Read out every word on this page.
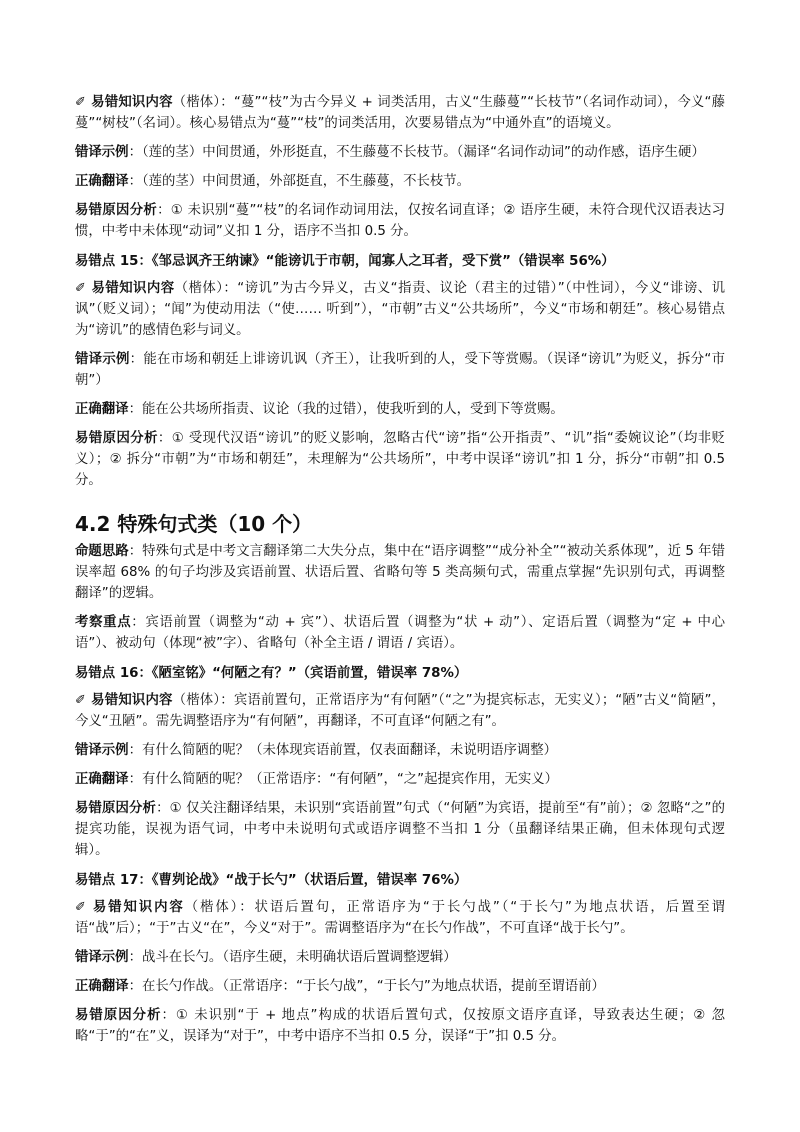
✐ 易错知识内容（楷体）：“蔓”“枝”为古今异义 + 词类活用，古义“生藤蔓”“长枝节”（名词作动词），今义“藤蔓”“树枝”（名词）。核心易错点为“蔓”“枝”的词类活用，次要易错点为“中通外直”的语境义。

错译示例：（莲的茎）中间贯通，外形挺直，不生藤蔓不长枝节。（漏译“名词作动词”的动作感，语序生硬）

正确翻译：（莲的茎）中间贯通，外部挺直，不生藤蔓，不长枝节。

易错原因分析：① 未识别“蔓”“枝”的名词作动词用法，仅按名词直译；② 语序生硬，未符合现代汉语表达习惯，中考中未体现“动词”义扣 1 分，语序不当扣 0.5 分。

易错点 15：《邹忌讽齐王纳谏》“能谤讥于市朝，闻寡人之耳者，受下赏”（错误率 56%）

✐ 易错知识内容（楷体）：“谤讥”为古今异义，古义“指责、议论（君主的过错）”（中性词），今义“诽谤、讥讽”（贬义词）；“闻”为使动用法（“使…… 听到”），“市朝”古义“公共场所”，今义“市场和朝廷”。核心易错点为“谤讥”的感情色彩与词义。

错译示例：能在市场和朝廷上诽谤讥讽（齐王），让我听到的人，受下等赏赐。（误译“谤讥”为贬义，拆分“市朝”）

正确翻译：能在公共场所指责、议论（我的过错），使我听到的人，受到下等赏赐。

易错原因分析：① 受现代汉语“谤讥”的贬义影响，忽略古代“谤”指“公开指责”、“讥”指“委婉议论”（均非贬义）；② 拆分“市朝”为“市场和朝廷”，未理解为“公共场所”，中考中误译“谤讥”扣 1 分，拆分“市朝”扣 0.5 分。

4.2 特殊句式类（10 个）

命题思路：特殊句式是中考文言翻译第二大失分点，集中在“语序调整”“成分补全”“被动关系体现”，近 5 年错误率超 68% 的句子均涉及宾语前置、状语后置、省略句等 5 类高频句式，需重点掌握“先识别句式，再调整翻译”的逻辑。

考察重点：宾语前置（调整为“动 + 宾”）、状语后置（调整为“状 + 动”）、定语后置（调整为“定 + 中心语”）、被动句（体现“被”字）、省略句（补全主语 / 谓语 / 宾语）。

易错点 16：《陋室铭》“何陋之有？”（宾语前置，错误率 78%）

✐ 易错知识内容（楷体）：宾语前置句，正常语序为“有何陋”（“之”为提宾标志，无实义）；“陋”古义“简陋”，今义“丑陋”。需先调整语序为“有何陋”，再翻译，不可直译“何陋之有”。

错译示例：有什么简陋的呢？（未体现宾语前置，仅表面翻译，未说明语序调整）

正确翻译：有什么简陋的呢？（正常语序：“有何陋”，“之”起提宾作用，无实义）

易错原因分析：① 仅关注翻译结果，未识别“宾语前置”句式（“何陋”为宾语，提前至“有”前）；② 忽略“之”的提宾功能，误视为语气词，中考中未说明句式或语序调整不当扣 1 分（虽翻译结果正确，但未体现句式逻辑）。

易错点 17：《曹刿论战》“战于长勺”（状语后置，错误率 76%）

✐ 易错知识内容（楷体）：状语后置句，正常语序为“于长勺战”（“于长勺”为地点状语，后置至谓语“战”后）；“于”古义“在”，今义“对于”。需调整语序为“在长勺作战”，不可直译“战于长勺”。

错译示例：战斗在长勺。（语序生硬，未明确状语后置调整逻辑）

正确翻译：在长勺作战。（正常语序：“于长勺战”，“于长勺”为地点状语，提前至谓语前）

易错原因分析：① 未识别“于 + 地点”构成的状语后置句式，仅按原文语序直译，导致表达生硬；② 忽略“于”的“在”义，误译为“对于”，中考中语序不当扣 0.5 分，误译“于”扣 0.5 分。
